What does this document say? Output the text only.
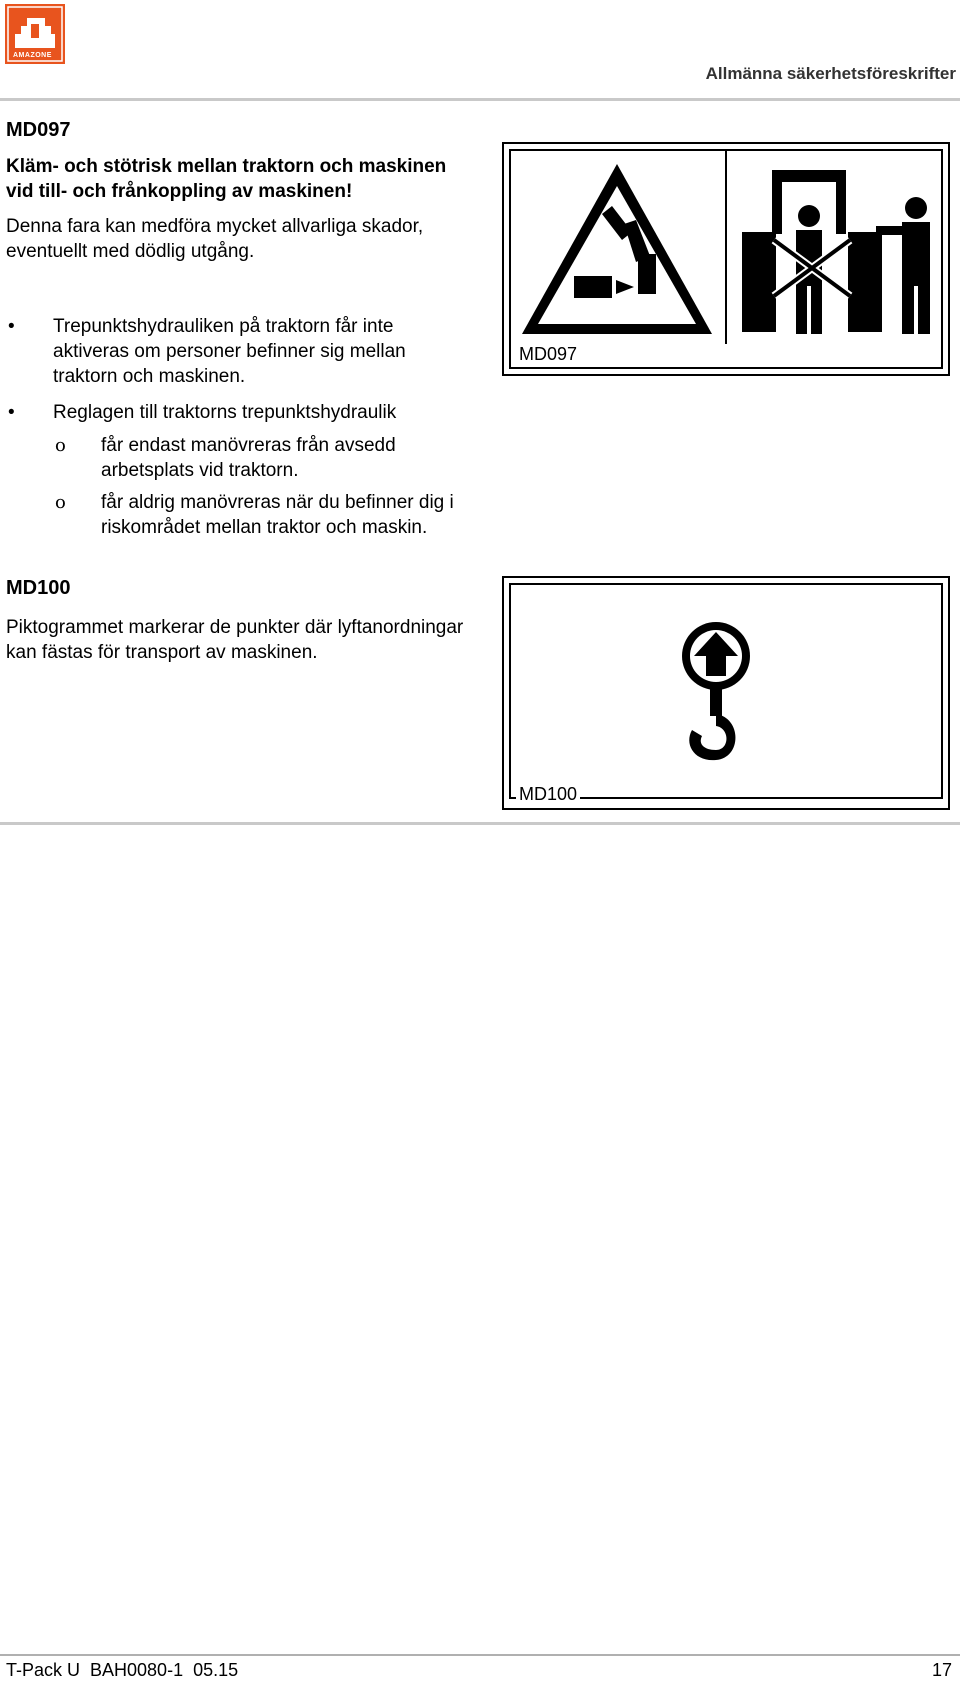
AMAZONE
Allmänna säkerhetsföreskrifter
MD097

Kläm- och stötrisk mellan traktorn och maskinen vid till- och frånkoppling av maskinen!

Denna fara kan medföra mycket allvarliga skador, eventuellt med dödlig utgång.

• Trepunktshydrauliken på traktorn får inte aktiveras om personer befinner sig mellan traktorn och maskinen.
• Reglagen till traktorns trepunktshydraulik
ο får endast manövreras från avsedd arbetsplats vid traktorn.
ο får aldrig manövreras när du befinner dig i riskområdet mellan traktor och maskin.
MD097
MD100

Piktogrammet markerar de punkter där lyftanordningar kan fästas för transport av maskinen.

MD100
T-Pack U  BAH0080-1  05.15	17
